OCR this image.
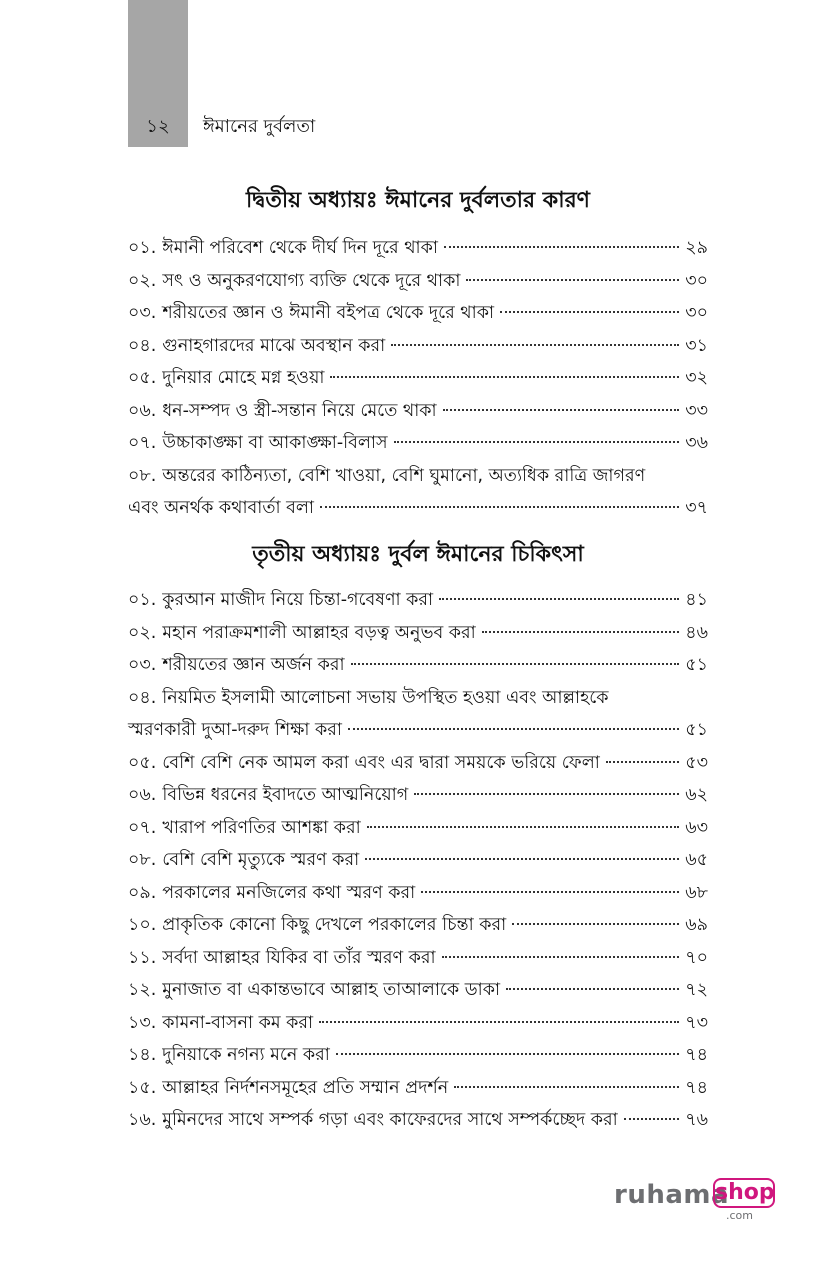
১২	ঈমানের দুর্বলতা
দ্বিতীয় অধ্যায়ঃ ঈমানের দুর্বলতার কারণ
০১. ঈমানী পরিবেশ থেকে দীর্ঘ দিন দূরে থাকা	২৯
০২. সৎ ও অনুকরণযোগ্য ব্যক্তি থেকে দূরে থাকা	৩০
০৩. শরীয়তের জ্ঞান ও ঈমানী বইপত্র থেকে দূরে থাকা	৩০
০৪. গুনাহগারদের মাঝে অবস্থান করা	৩১
০৫. দুনিয়ার মোহে মগ্ন হওয়া	৩২
০৬. ধন-সম্পদ ও স্ত্রী-সন্তান নিয়ে মেতে থাকা	৩৩
০৭. উচ্চাকাঙ্ক্ষা বা আকাঙ্ক্ষা-বিলাস	৩৬
০৮. অন্তরের কাঠিন্যতা, বেশি খাওয়া, বেশি ঘুমানো, অত্যধিক রাত্রি জাগরণ
এবং অনর্থক কথাবার্তা বলা	৩৭
তৃতীয় অধ্যায়ঃ দুর্বল ঈমানের চিকিৎসা
০১. কুরআন মাজীদ নিয়ে চিন্তা-গবেষণা করা	৪১
০২. মহান পরাক্রমশালী আল্লাহর বড়ত্ব অনুভব করা	৪৬
০৩. শরীয়তের জ্ঞান অর্জন করা	৫১
০৪. নিয়মিত ইসলামী আলোচনা সভায় উপস্থিত হওয়া এবং আল্লাহকে
স্মরণকারী দুআ-দরুদ শিক্ষা করা	৫১
০৫. বেশি বেশি নেক আমল করা এবং এর দ্বারা সময়কে ভরিয়ে ফেলা	৫৩
০৬. বিভিন্ন ধরনের ইবাদতে আত্মনিয়োগ	৬২
০৭. খারাপ পরিণতির আশঙ্কা করা	৬৩
০৮. বেশি বেশি মৃত্যুকে স্মরণ করা	৬৫
০৯. পরকালের মনজিলের কথা স্মরণ করা	৬৮
১০. প্রাকৃতিক কোনো কিছু দেখলে পরকালের চিন্তা করা	৬৯
১১. সর্বদা আল্লাহর যিকির বা তাঁর স্মরণ করা	৭০
১২. মুনাজাত বা একান্তভাবে আল্লাহ তাআলাকে ডাকা	৭২
১৩. কামনা-বাসনা কম করা	৭৩
১৪. দুনিয়াকে নগন্য মনে করা	৭৪
১৫. আল্লাহর নির্দশনসমূহের প্রতি সম্মান প্রদর্শন	৭৪
১৬. মুমিনদের সাথে সম্পর্ক গড়া এবং কাফেরদের সাথে সম্পর্কচ্ছেদ করা	৭৬
ruhama
shop
.com
